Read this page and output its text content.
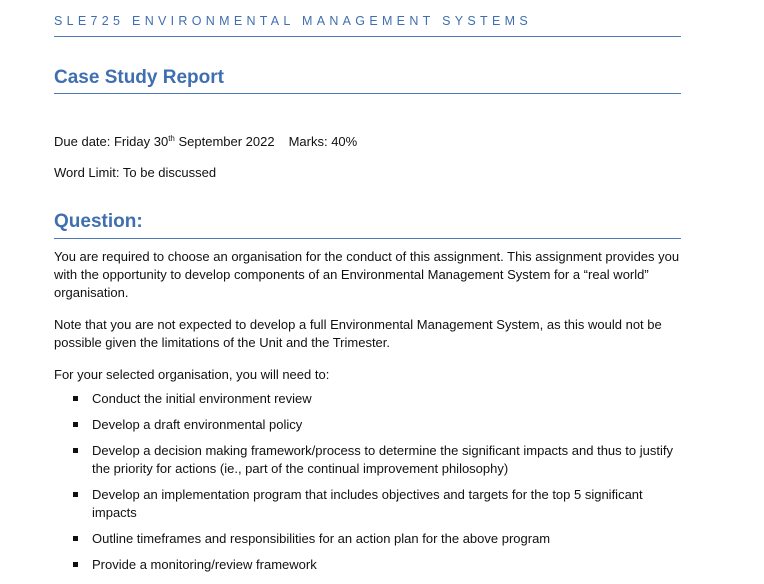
SLE725 ENVIRONMENTAL MANAGEMENT SYSTEMS
Case Study Report
Due date: Friday 30th September 2022 Marks: 40%
Word Limit: To be discussed
Question:

You are required to choose an organisation for the conduct of this assignment. This assignment provides you with the opportunity to develop components of an Environmental Management System for a “real world” organisation.

Note that you are not expected to develop a full Environmental Management System, as this would not be possible given the limitations of the Unit and the Trimester.

For your selected organisation, you will need to:

Conduct the initial environment review
Develop a draft environmental policy
Develop a decision making framework/process to determine the significant impacts and thus to justify the priority for actions (ie., part of the continual improvement philosophy)
Develop an implementation program that includes objectives and targets for the top 5 significant impacts
Outline timeframes and responsibilities for an action plan for the above program
Provide a monitoring/review framework
